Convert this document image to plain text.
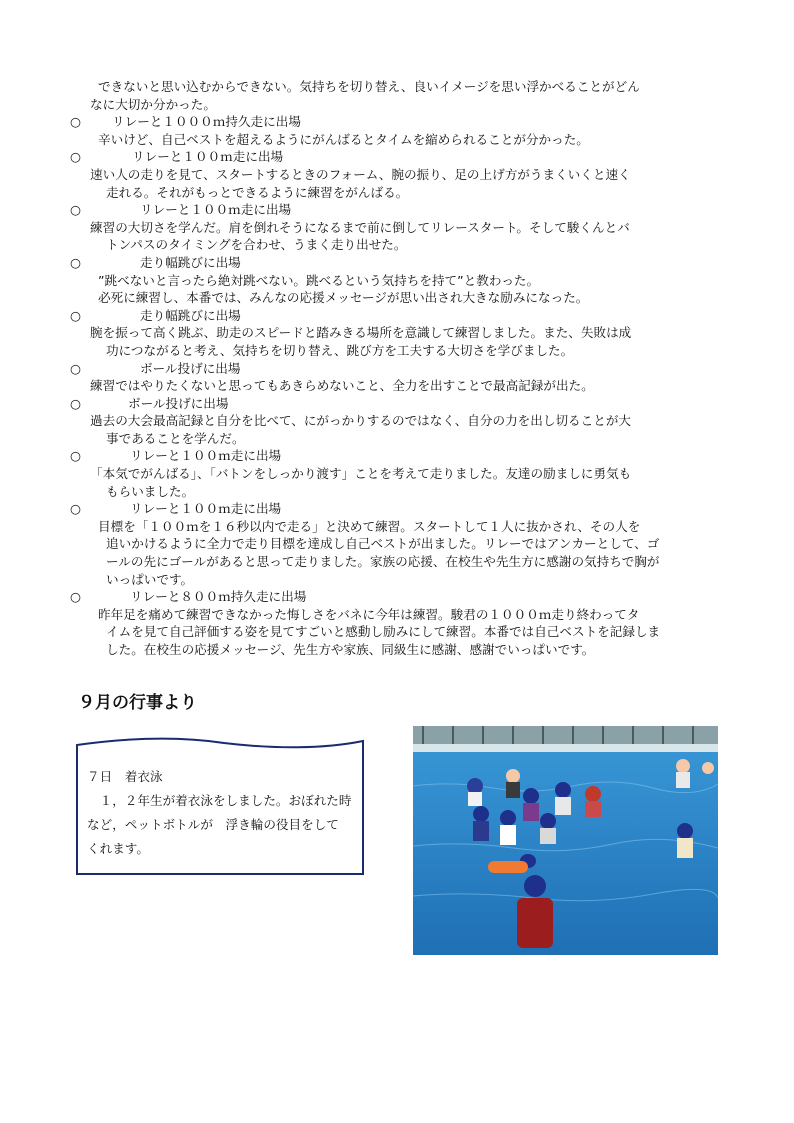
できないと思い込むからできない。気持ちを切り替え、良いイメージを思い浮かべることがどん
なに大切か分かった。
○	リレーと１０００ｍ持久走に出場
辛いけど、自己ベストを超えるようにがんばるとタイムを縮められることが分かった。
○	リレーと１００ｍ走に出場
速い人の走りを見て、スタートするときのフォーム、腕の振り、足の上げ方がうまくいくと速く
走れる。それがもっとできるように練習をがんばる。
○	リレーと１００ｍ走に出場
練習の大切さを学んだ。肩を倒れそうになるまで前に倒してリレースタート。そして駿くんとバ
トンパスのタイミングを合わせ、うまく走り出せた。
○	走り幅跳びに出場
”跳べないと言ったら絶対跳べない。跳べるという気持ちを持て”と教わった。
必死に練習し、本番では、みんなの応援メッセージが思い出され大きな励みになった。
○	走り幅跳びに出場
腕を振って高く跳ぶ、助走のスピードと踏みきる場所を意識して練習しました。また、失敗は成
功につながると考え、気持ちを切り替え、跳び方を工夫する大切さを学びました。
○	ボール投げに出場
練習ではやりたくないと思ってもあきらめないこと、全力を出すことで最高記録が出た。
○	ボール投げに出場
過去の大会最高記録と自分を比べて、にがっかりするのではなく、自分の力を出し切ることが大
事であることを学んだ。
○	リレーと１００ｍ走に出場
「本気でがんばる」、「バトンをしっかり渡す」ことを考えて走りました。友達の励ましに勇気も
もらいました。
○	リレーと１００ｍ走に出場
目標を「１００ｍを１６秒以内で走る」と決めて練習。スタートして１人に抜かされ、その人を
追いかけるように全力で走り目標を達成し自己ベストが出ました。リレーではアンカーとして、ゴ
ールの先にゴールがあると思って走りました。家族の応援、在校生や先生方に感謝の気持ちで胸が
いっぱいです。
○	リレーと８００ｍ持久走に出場
昨年足を痛めて練習できなかった悔しさをバネに今年は練習。駿君の１０００ｍ走り終わってタ
イムを見て自己評価する姿を見てすごいと感動し励みにして練習。本番では自己ベストを記録しま
した。在校生の応援メッセージ、先生方や家族、同級生に感謝、感謝でいっぱいです。
９月の行事より
７日　着衣泳
　１，２年生が着衣泳をしました。おぼれた時
など，ペットボトルが　浮き輪の役目をして
くれます。
